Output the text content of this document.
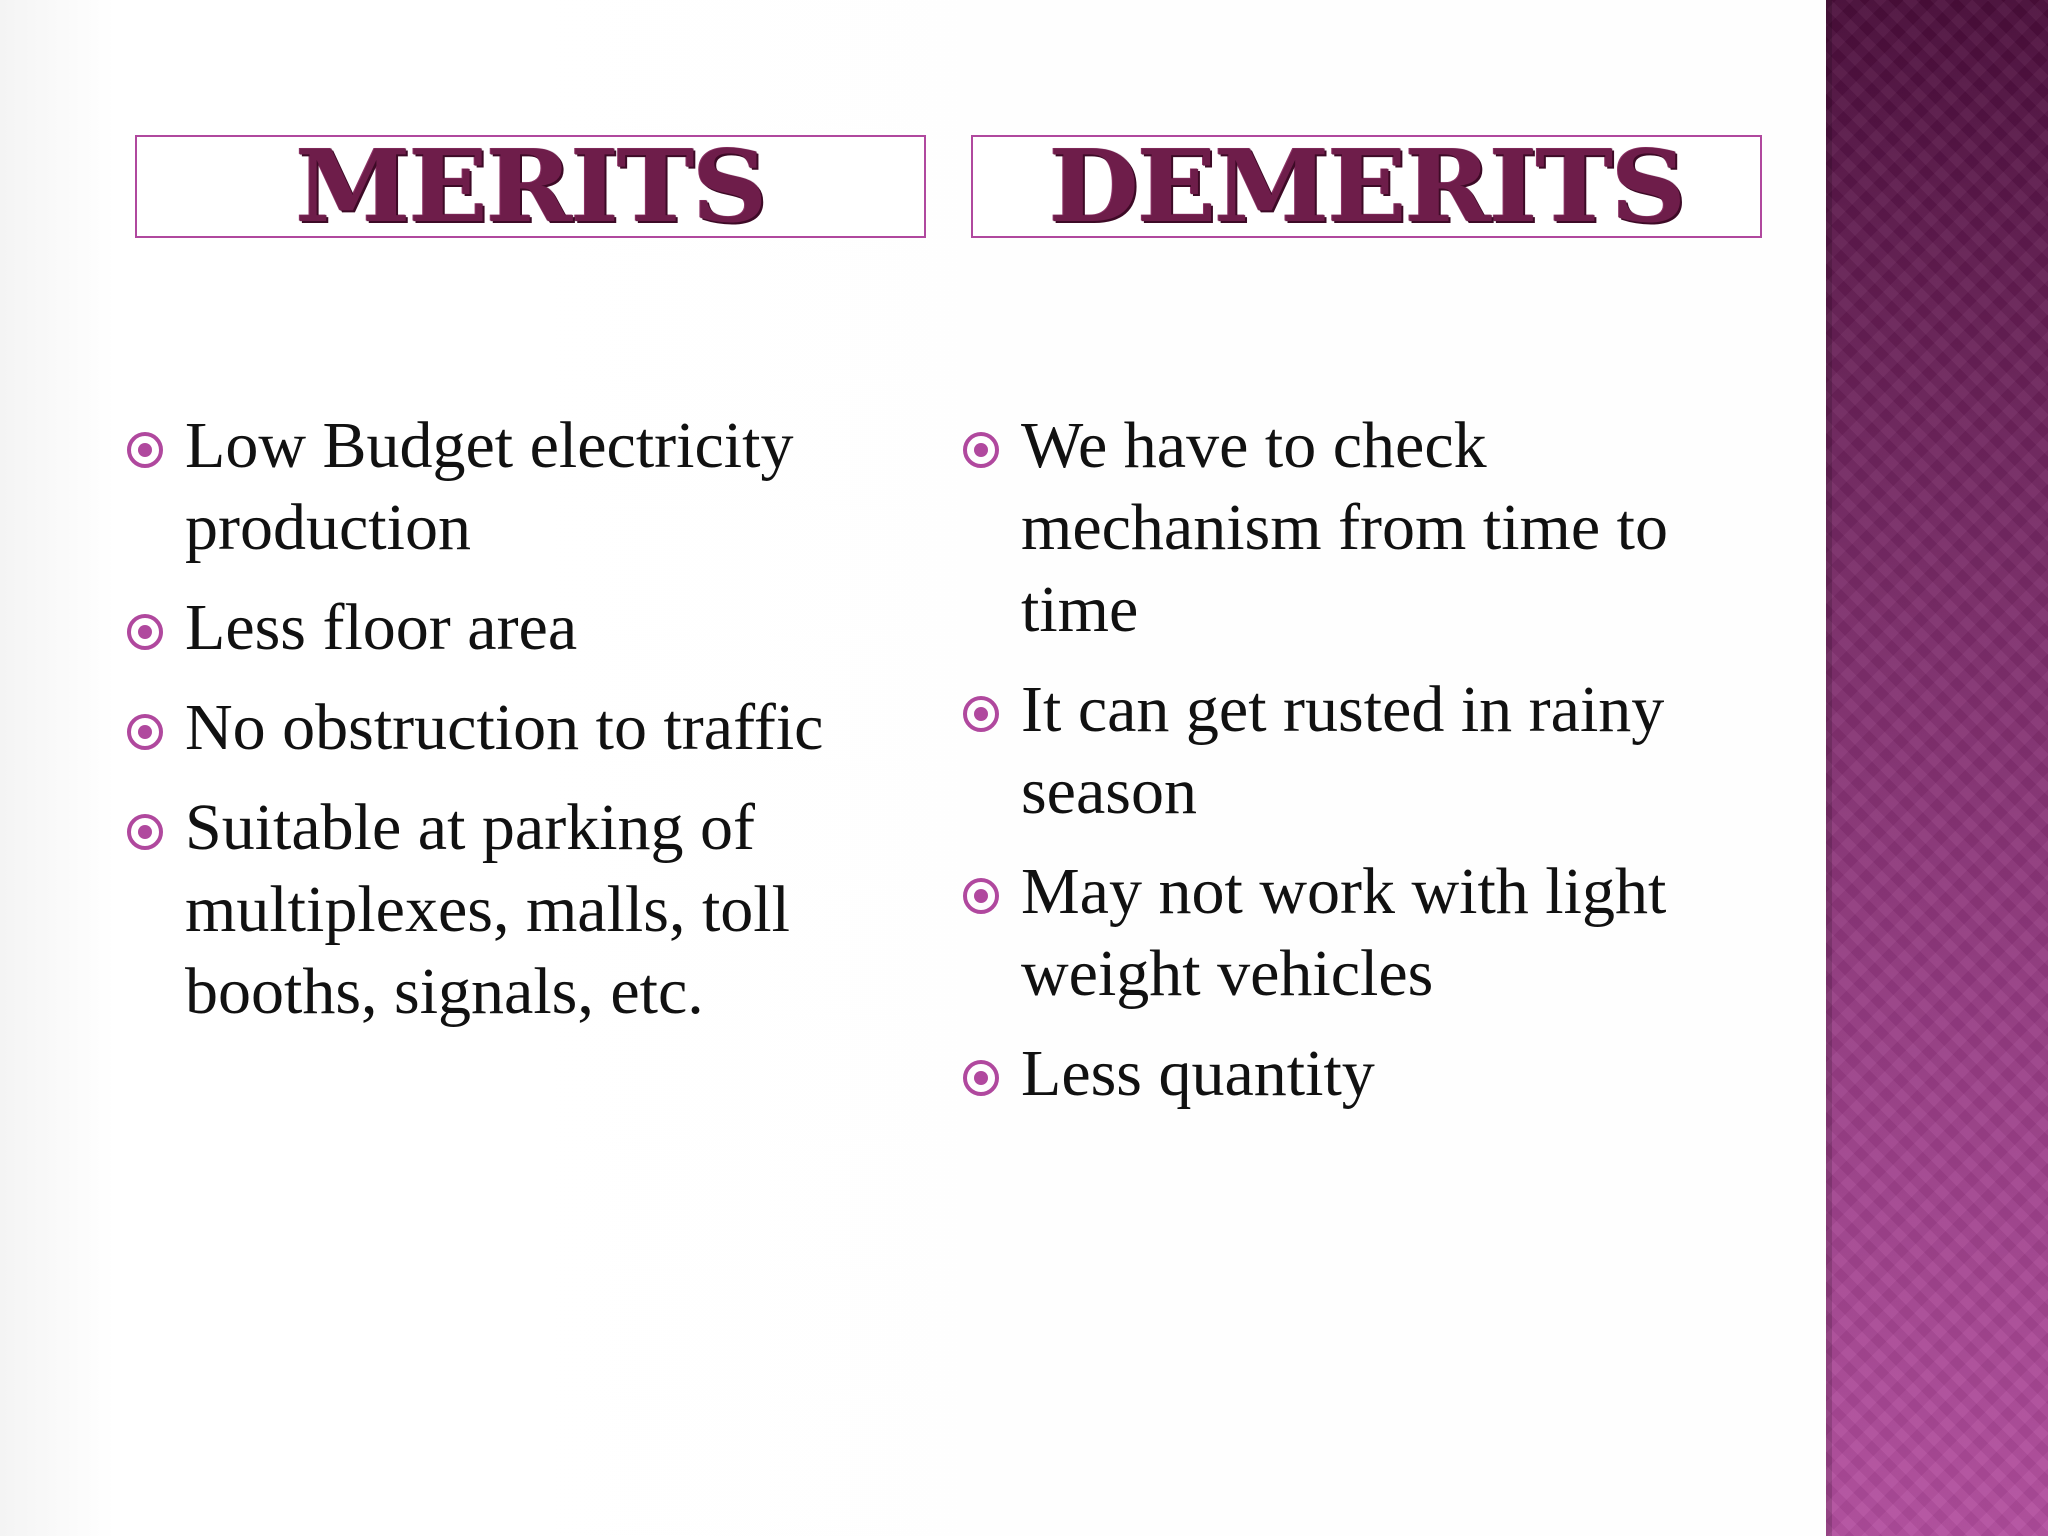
MERITS	DEMERITS
Low Budget electricity production
Less floor area
No obstruction to traffic
Suitable at parking of multiplexes, malls, toll booths, signals, etc.
We have to check mechanism from time to time
It can get rusted in rainy season
May not work with light weight vehicles
Less quantity
